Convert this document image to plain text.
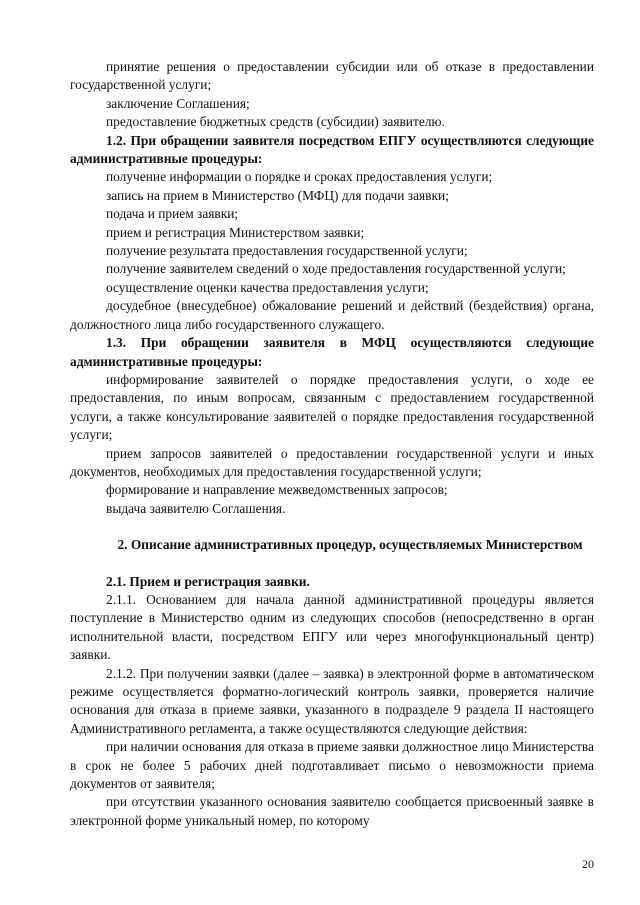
принятие решения о предоставлении субсидии или об отказе в предоставлении государственной услуги;

заключение Соглашения;

предоставление бюджетных средств (субсидии) заявителю.

1.2. При обращении заявителя посредством ЕПГУ осуществляются следующие административные процедуры:

получение информации о порядке и сроках предоставления услуги;

запись на прием в Министерство (МФЦ) для подачи заявки;

подача и прием заявки;

прием и регистрация Министерством заявки;

получение результата предоставления государственной услуги;

получение заявителем сведений о ходе предоставления государственной услуги;

осуществление оценки качества предоставления услуги;

досудебное (внесудебное) обжалование решений и действий (бездействия) органа, должностного лица либо государственного служащего.

1.3. При обращении заявителя в МФЦ осуществляются следующие административные процедуры:

информирование заявителей о порядке предоставления услуги, о ходе ее предоставления, по иным вопросам, связанным с предоставлением государственной услуги, а также консультирование заявителей о порядке предоставления государственной услуги;

прием запросов заявителей о предоставлении государственной услуги и иных документов, необходимых для предоставления государственной услуги;

формирование и направление межведомственных запросов;

выдача заявителю Соглашения.

2. Описание административных процедур, осуществляемых Министерством

2.1. Прием и регистрация заявки.

2.1.1. Основанием для начала данной административной процедуры является поступление в Министерство одним из следующих способов (непосредственно в орган исполнительной власти, посредством ЕПГУ или через многофункциональный центр) заявки.

2.1.2. При получении заявки (далее – заявка) в электронной форме в автоматическом режиме осуществляется форматно-логический контроль заявки, проверяется наличие основания для отказа в приеме заявки, указанного в подразделе 9 раздела II настоящего Административного регламента, а также осуществляются следующие действия:

при наличии основания для отказа в приеме заявки должностное лицо Министерства в срок не более 5 рабочих дней подготавливает письмо о невозможности приема документов от заявителя;

при отсутствии указанного основания заявителю сообщается присвоенный заявке в электронной форме уникальный номер, по которому

20
